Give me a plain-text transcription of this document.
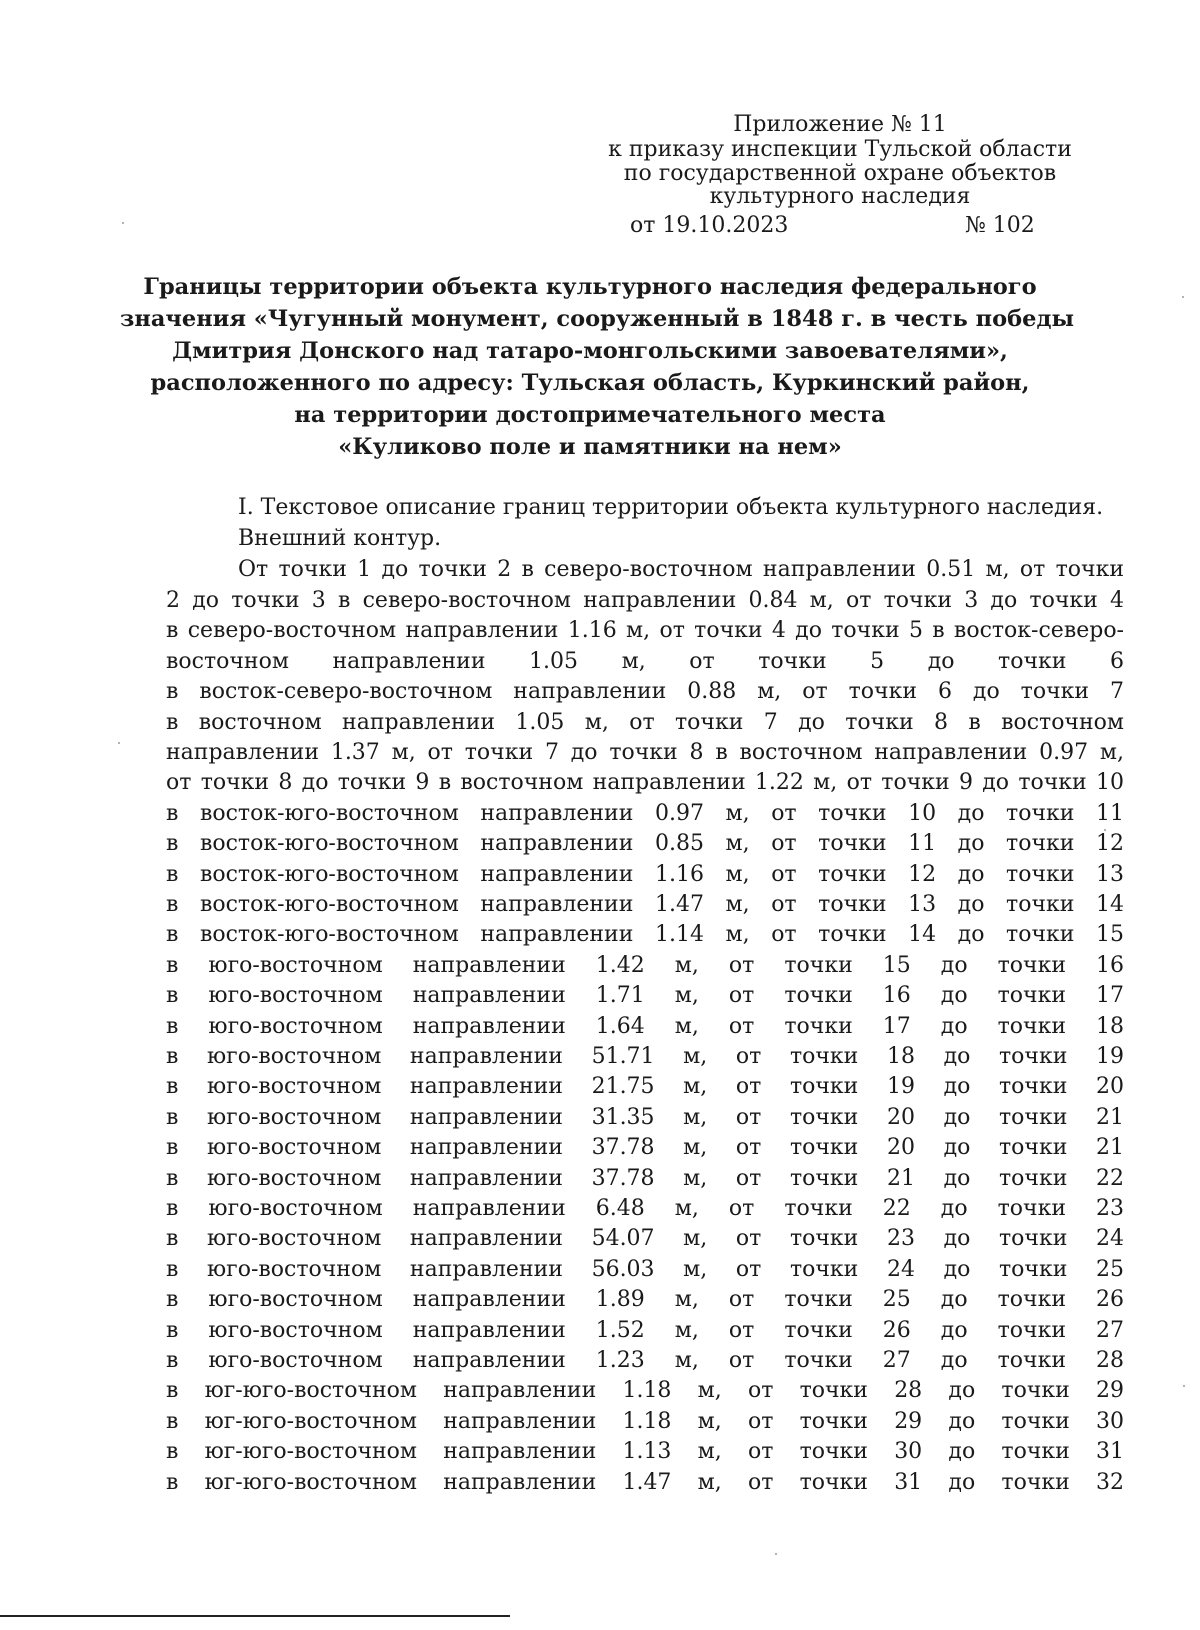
Приложение № 11
к приказу инспекции Тульской области
по государственной охране объектов
культурного наследия
от 19.10.2023	№ 102
Границы территории объекта культурного наследия федерального
значения «Чугунный монумент, сооруженный в 1848 г. в честь победы
Дмитрия Донского над татаро-монгольскими завоевателями»,
расположенного по адресу: Тульская область, Куркинский район,
на территории достопримечательного места
«Куликово поле и памятники на нем»
I. Текстовое описание границ территории объекта культурного наследия.
Внешний контур.
От точки 1 до точки 2 в северо-восточном направлении 0.51 м, от точки
2 до точки 3 в северо-восточном направлении 0.84 м, от точки 3 до точки 4
в северо-восточном направлении 1.16 м, от точки 4 до точки 5 в восток-северо-
восточном направлении 1.05 м, от точки 5 до точки 6
в восток-северо-восточном направлении 0.88 м, от точки 6 до точки 7
в восточном направлении 1.05 м, от точки 7 до точки 8 в восточном
направлении 1.37 м, от точки 7 до точки 8 в восточном направлении 0.97 м,
от точки 8 до точки 9 в восточном направлении 1.22 м, от точки 9 до точки 10
в восток-юго-восточном направлении 0.97 м, от точки 10 до точки 11
в восток-юго-восточном направлении 0.85 м, от точки 11 до точки 12
в восток-юго-восточном направлении 1.16 м, от точки 12 до точки 13
в восток-юго-восточном направлении 1.47 м, от точки 13 до точки 14
в восток-юго-восточном направлении 1.14 м, от точки 14 до точки 15
в юго-восточном направлении 1.42 м, от точки 15 до точки 16
в юго-восточном направлении 1.71 м, от точки 16 до точки 17
в юго-восточном направлении 1.64 м, от точки 17 до точки 18
в юго-восточном направлении 51.71 м, от точки 18 до точки 19
в юго-восточном направлении 21.75 м, от точки 19 до точки 20
в юго-восточном направлении 31.35 м, от точки 20 до точки 21
в юго-восточном направлении 37.78 м, от точки 20 до точки 21
в юго-восточном направлении 37.78 м, от точки 21 до точки 22
в юго-восточном направлении 6.48 м, от точки 22 до точки 23
в юго-восточном направлении 54.07 м, от точки 23 до точки 24
в юго-восточном направлении 56.03 м, от точки 24 до точки 25
в юго-восточном направлении 1.89 м, от точки 25 до точки 26
в юго-восточном направлении 1.52 м, от точки 26 до точки 27
в юго-восточном направлении 1.23 м, от точки 27 до точки 28
в юг-юго-восточном направлении 1.18 м, от точки 28 до точки 29
в юг-юго-восточном направлении 1.18 м, от точки 29 до точки 30
в юг-юго-восточном направлении 1.13 м, от точки 30 до точки 31
в юг-юго-восточном направлении 1.47 м, от точки 31 до точки 32
